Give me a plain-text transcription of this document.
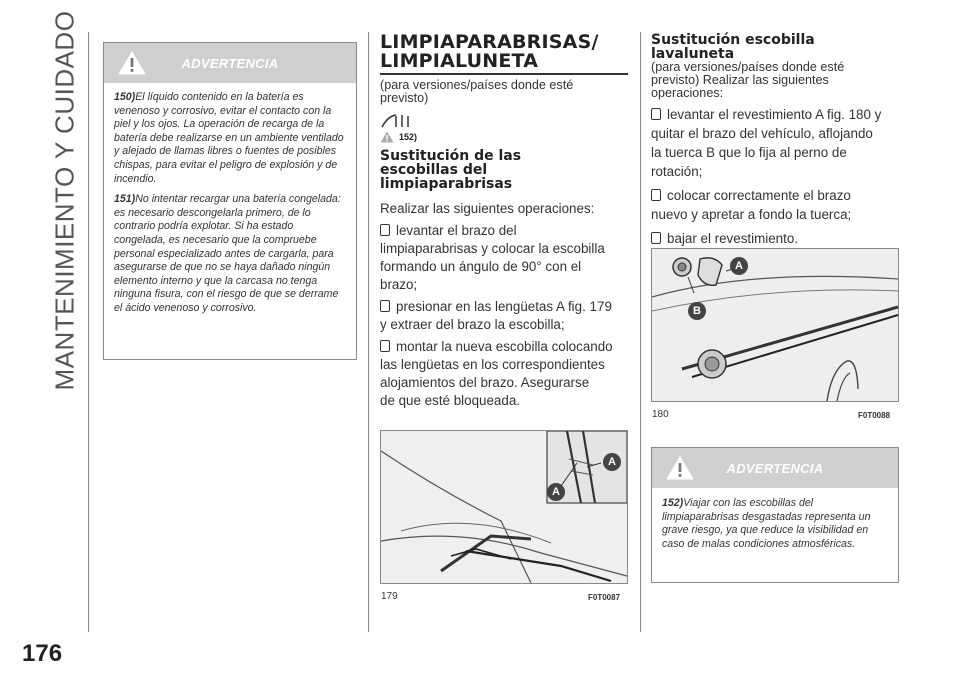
MANTENIMIENTO Y CUIDADO
176
ADVERTENCIA

150)El líquido contenido en la batería es venenoso y corrosivo, evitar el contacto con la piel y los ojos. La operación de recarga de la batería debe realizarse en un ambiente ventilado y alejado de llamas libres o fuentes de posibles chispas, para evitar el peligro de explosión y de incendio.

151)No intentar recargar una batería congelada: es necesario descongelarla primero, de lo contrario podría explotar. Si ha estado congelada, es necesario que la compruebe personal especializado antes de cargarla, para asegurarse de que no se haya dañado ningún elemento interno y que la carcasa no tenga ninguna fisura, con el riesgo de que se derrame el ácido venenoso y corrosivo.

LIMPIAPARABRISAS/
LIMPIALUNETA
(para versiones/países donde esté previsto)
152)
Sustitución de las
escobillas del
limpiaparabrisas

Realizar las siguientes operaciones:

levantar el brazo del

limpiaparabrisas y colocar la escobilla

formando un ángulo de 90° con el

brazo;

presionar en las lengüetas A fig. 179

y extraer del brazo la escobilla;

montar la nueva escobilla colocando

las lengüetas en los correspondientes

alojamientos del brazo. Asegurarse

de que esté bloqueada.

A
A
179	F0T0087
Sustitución escobilla
lavaluneta
(para versiones/países donde esté
previsto) Realizar las siguientes
operaciones:

levantar el revestimiento A fig. 180 y

quitar el brazo del vehículo, aflojando

la tuerca B que lo fija al perno de

rotación;

colocar correctamente el brazo

nuevo y apretar a fondo la tuerca;

bajar el revestimiento.

A
B
180	F0T0088
ADVERTENCIA

152)Viajar con las escobillas del limpiaparabrisas desgastadas representa un grave riesgo, ya que reduce la visibilidad en caso de malas condiciones atmosféricas.
